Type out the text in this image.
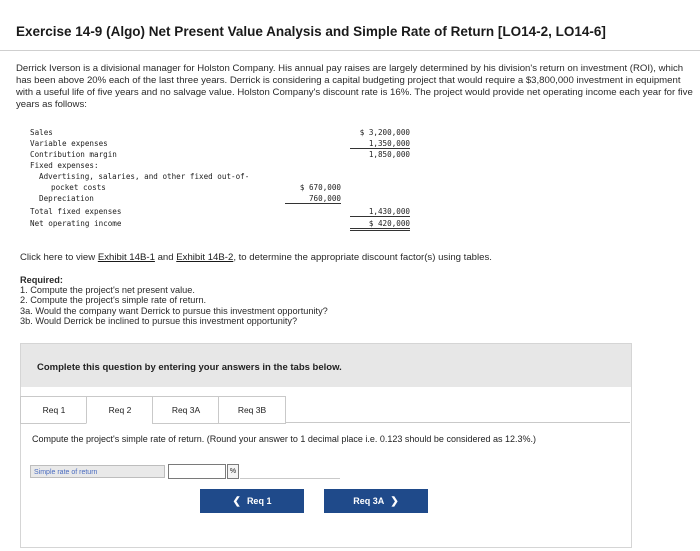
Exercise 14-9 (Algo) Net Present Value Analysis and Simple Rate of Return [LO14-2, LO14-6]
Derrick Iverson is a divisional manager for Holston Company. His annual pay raises are largely determined by his division's return on investment (ROI), which has been above 20% each of the last three years. Derrick is considering a capital budgeting project that would require a $3,800,000 investment in equipment with a useful life of five years and no salvage value. Holston Company's discount rate is 16%. The project would provide net operating income each year for five years as follows:
Sales	$ 3,200,000
Variable expenses	1,350,000
Contribution margin	1,850,000
Fixed expenses:
Advertising, salaries, and other fixed out-of-
pocket costs	$ 670,000
Depreciation	760,000
Total fixed expenses	1,430,000
Net operating income	$ 420,000
Click here to view Exhibit 14B-1 and Exhibit 14B-2, to determine the appropriate discount factor(s) using tables.
Required:
1. Compute the project's net present value.
2. Compute the project's simple rate of return.
3a. Would the company want Derrick to pursue this investment opportunity?
3b. Would Derrick be inclined to pursue this investment opportunity?
Complete this question by entering your answers in the tabs below.
Req 1	Req 2	Req 3A	Req 3B
Compute the project's simple rate of return. (Round your answer to 1 decimal place i.e. 0.123 should be considered as 12.3%.)
Simple rate of return	%
❮ Req 1	Req 3A ❯
